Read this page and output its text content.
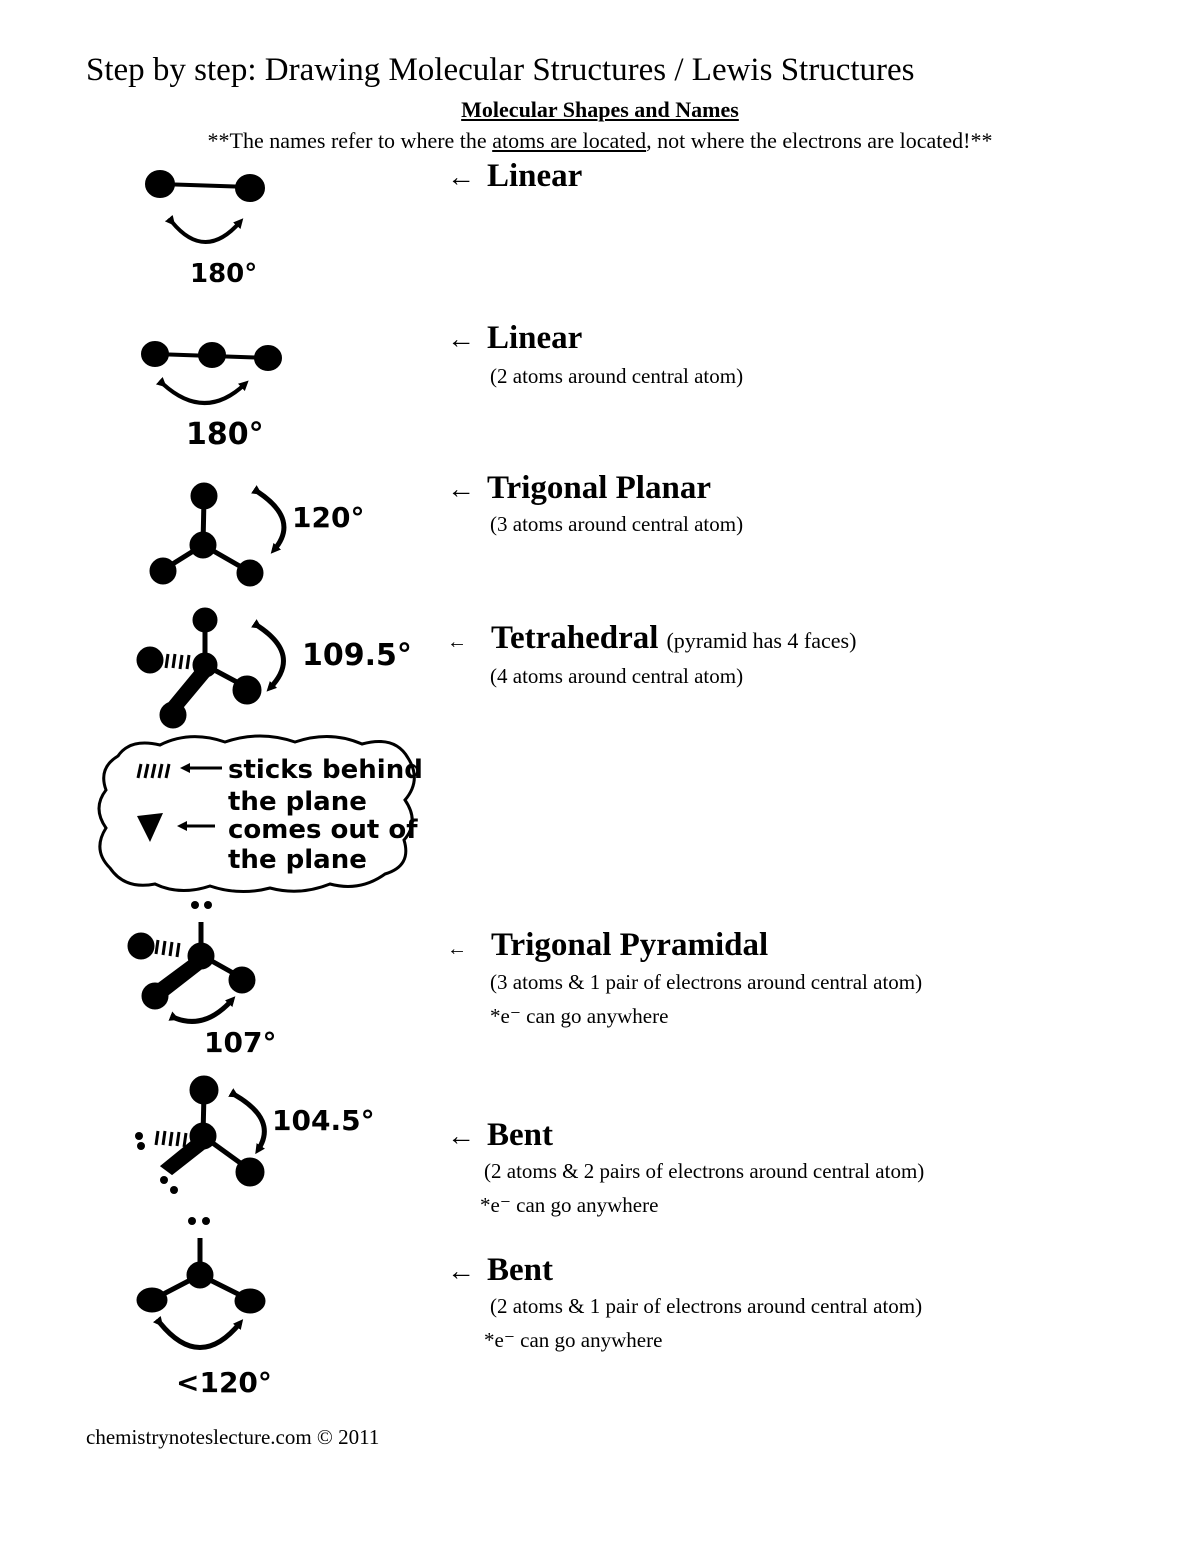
Step by step: Drawing Molecular Structures / Lewis Structures
Molecular Shapes and Names
**The names refer to where the atoms are located, not where the electrons are located!**
← Linear
← Linear
(2 atoms around central atom)
← Trigonal Planar
(3 atoms around central atom)
← Tetrahedral (pyramid has 4 faces)
(4 atoms around central atom)
← Trigonal Pyramidal
(3 atoms & 1 pair of electrons around central atom)
*e⁻ can go anywhere
← Bent
(2 atoms & 2 pairs of electrons around central atom)
*e⁻ can go anywhere
← Bent
(2 atoms & 1 pair of electrons around central atom)
*e⁻ can go anywhere
chemistrynoteslecture.com © 2011
180°
180°
120°
109.5°
sticks behind
the plane
comes out of
the plane
107°
104.5°
<120°
